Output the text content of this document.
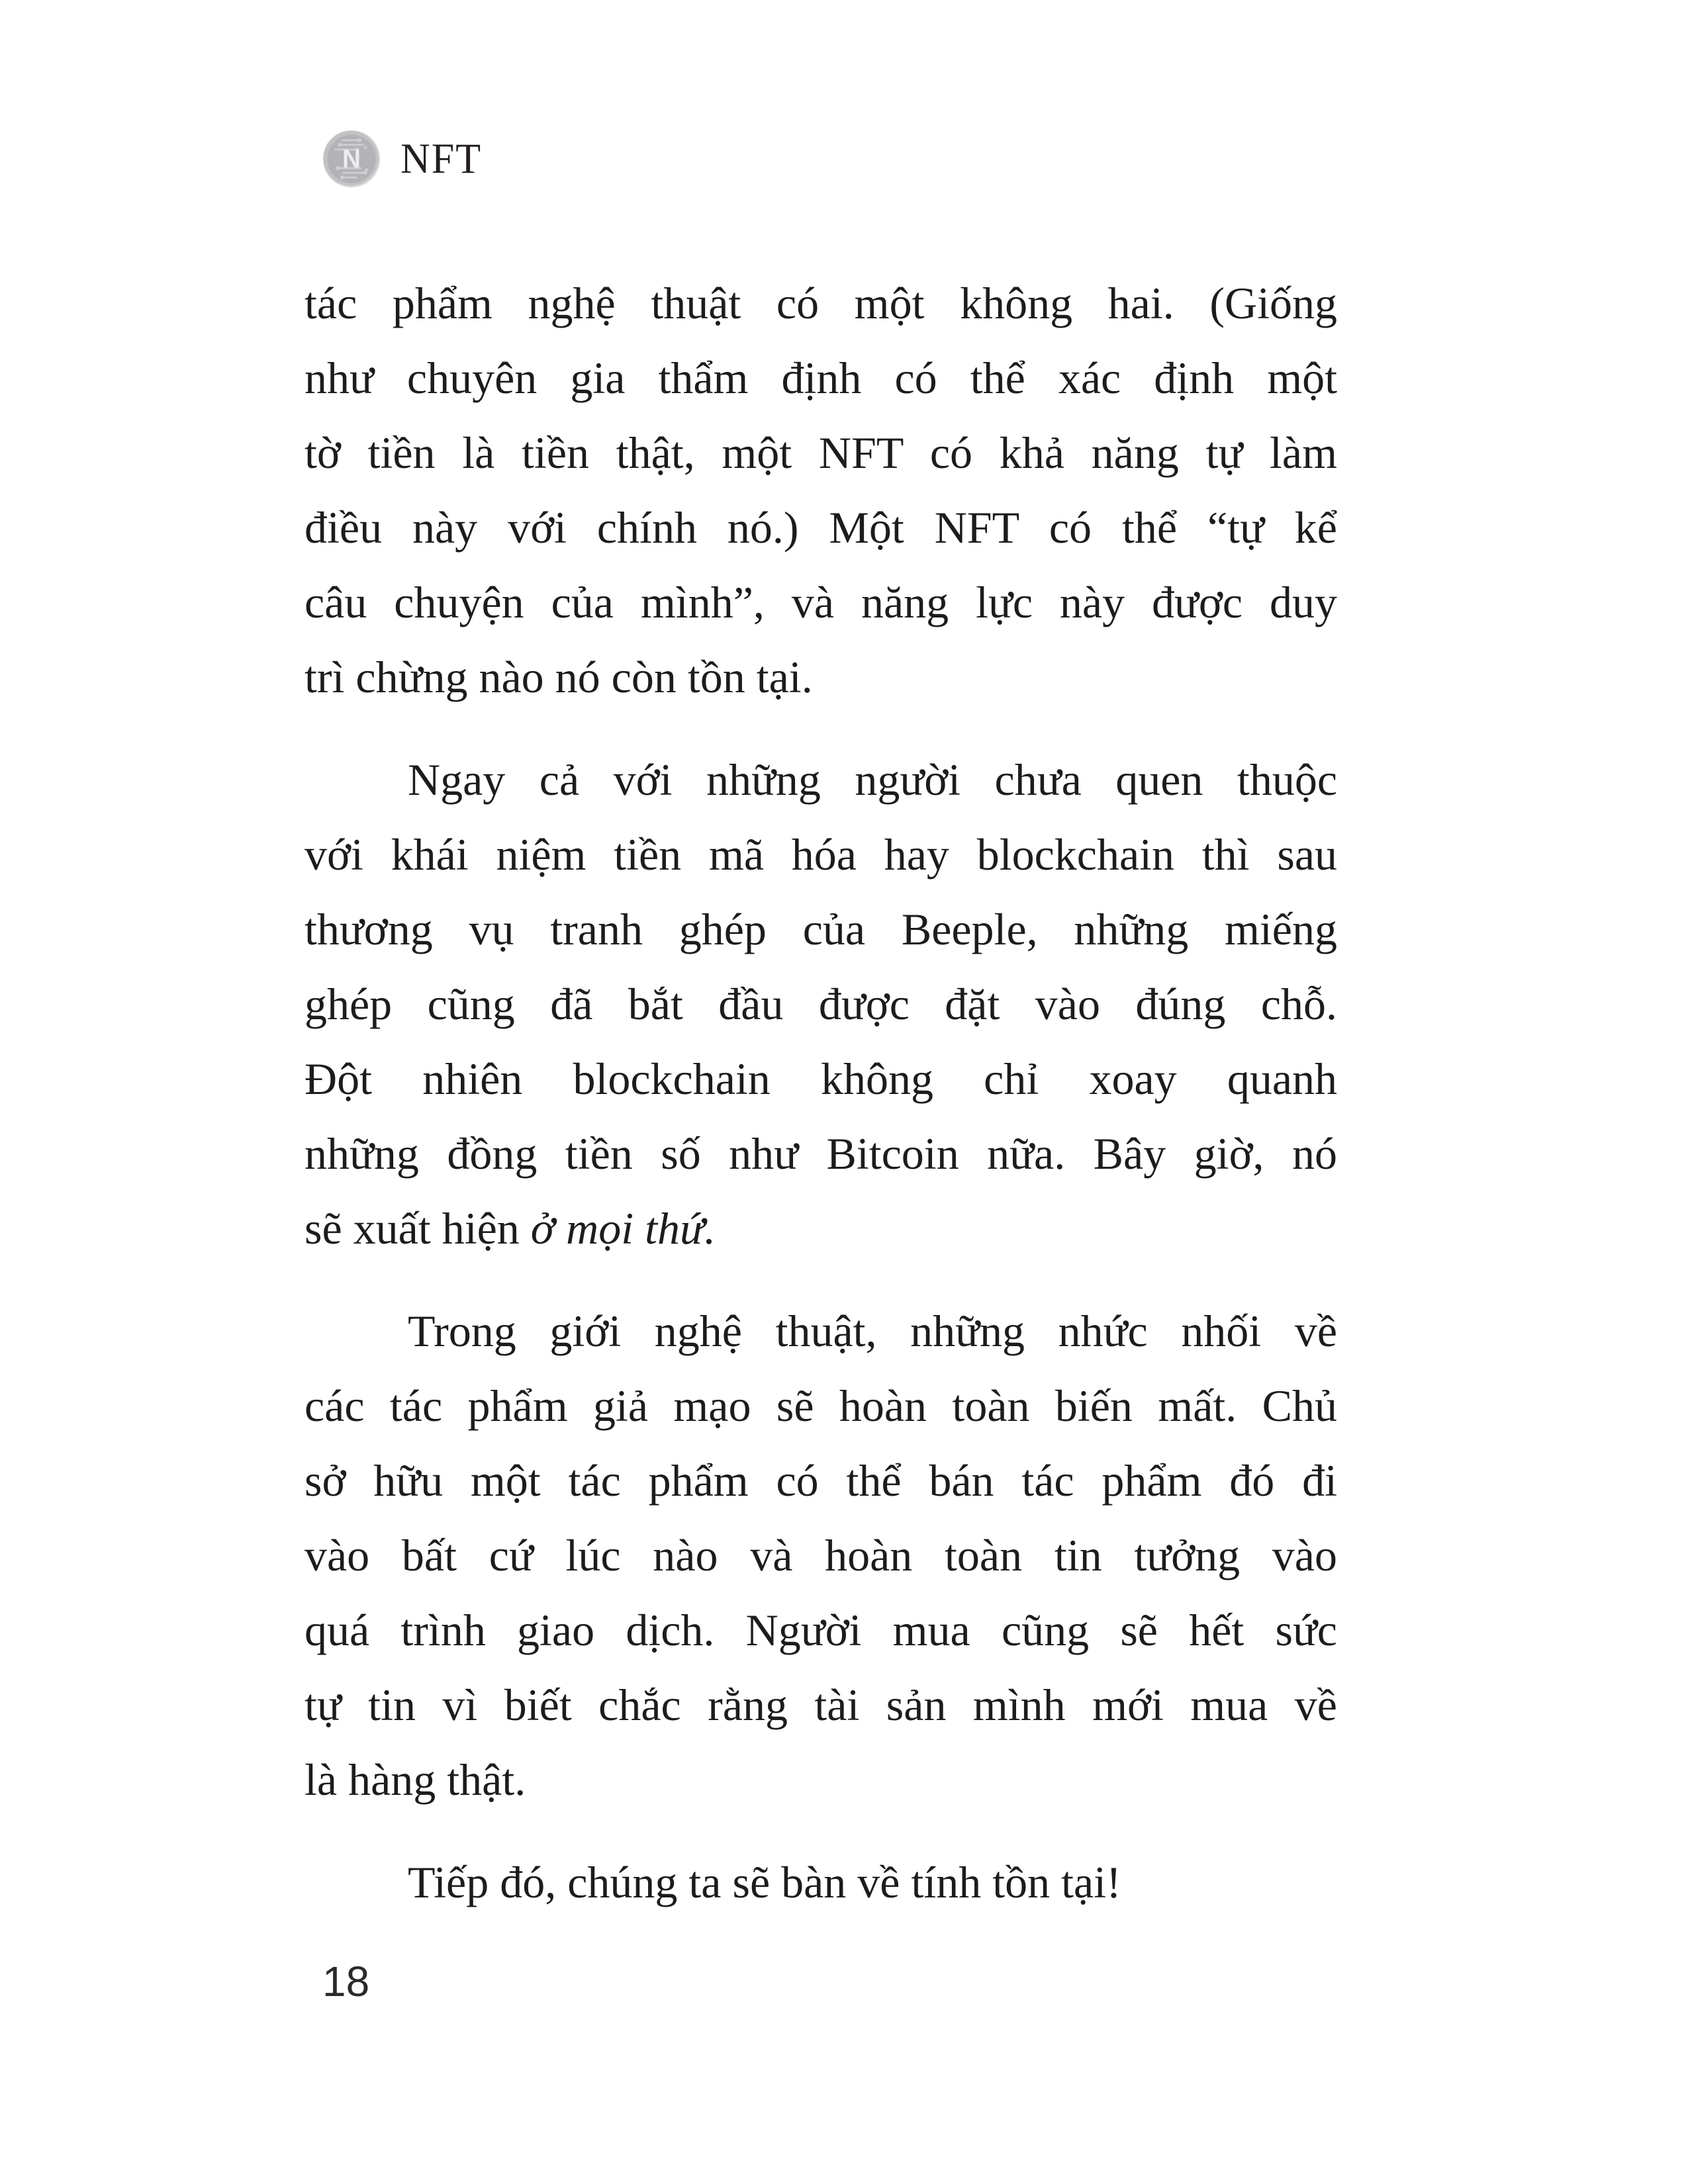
N NFT
tác phẩm nghệ thuật có một không hai. (Giống
như chuyên gia thẩm định có thể xác định một
tờ tiền là tiền thật, một NFT có khả năng tự làm
điều này với chính nó.) Một NFT có thể “tự kể
câu chuyện của mình”, và năng lực này được duy
trì chừng nào nó còn tồn tại.
Ngay cả với những người chưa quen thuộc
với khái niệm tiền mã hóa hay blockchain thì sau
thương vụ tranh ghép của Beeple, những miếng
ghép cũng đã bắt đầu được đặt vào đúng chỗ.
Đột nhiên blockchain không chỉ xoay quanh
những đồng tiền số như Bitcoin nữa. Bây giờ, nó
sẽ xuất hiện ở mọi thứ.
Trong giới nghệ thuật, những nhức nhối về
các tác phẩm giả mạo sẽ hoàn toàn biến mất. Chủ
sở hữu một tác phẩm có thể bán tác phẩm đó đi
vào bất cứ lúc nào và hoàn toàn tin tưởng vào
quá trình giao dịch. Người mua cũng sẽ hết sức
tự tin vì biết chắc rằng tài sản mình mới mua về
là hàng thật.
Tiếp đó, chúng ta sẽ bàn về tính tồn tại!
18
